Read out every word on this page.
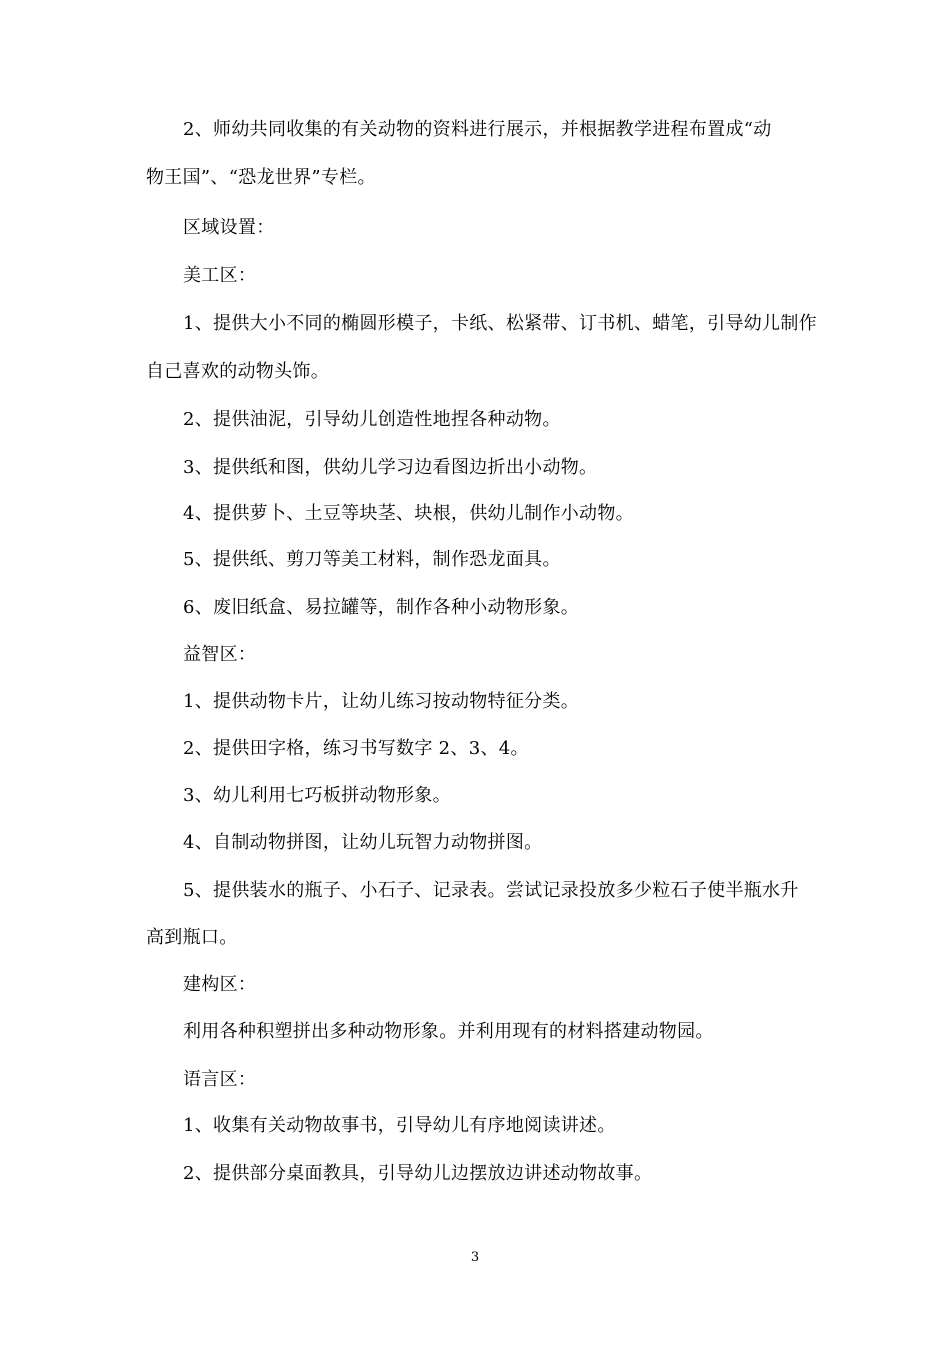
2、师幼共同收集的有关动物的资料进行展示，并根据教学进程布置成“动
物王国”、“恐龙世界”专栏。
区域设置：
美工区：
1、提供大小不同的椭圆形模子，卡纸、松紧带、订书机、蜡笔，引导幼儿制作
自己喜欢的动物头饰。
2、提供油泥，引导幼儿创造性地捏各种动物。
3、提供纸和图，供幼儿学习边看图边折出小动物。
4、提供萝卜、土豆等块茎、块根，供幼儿制作小动物。
5、提供纸、剪刀等美工材料，制作恐龙面具。
6、废旧纸盒、易拉罐等，制作各种小动物形象。
益智区：
1、提供动物卡片，让幼儿练习按动物特征分类。
2、提供田字格，练习书写数字 2、3、4。
3、幼儿利用七巧板拼动物形象。
4、自制动物拼图，让幼儿玩智力动物拼图。
5、提供装水的瓶子、小石子、记录表。尝试记录投放多少粒石子使半瓶水升
高到瓶口。
建构区：
利用各种积塑拼出多种动物形象。并利用现有的材料搭建动物园。
语言区：
1、收集有关动物故事书，引导幼儿有序地阅读讲述。
2、提供部分桌面教具，引导幼儿边摆放边讲述动物故事。
3
